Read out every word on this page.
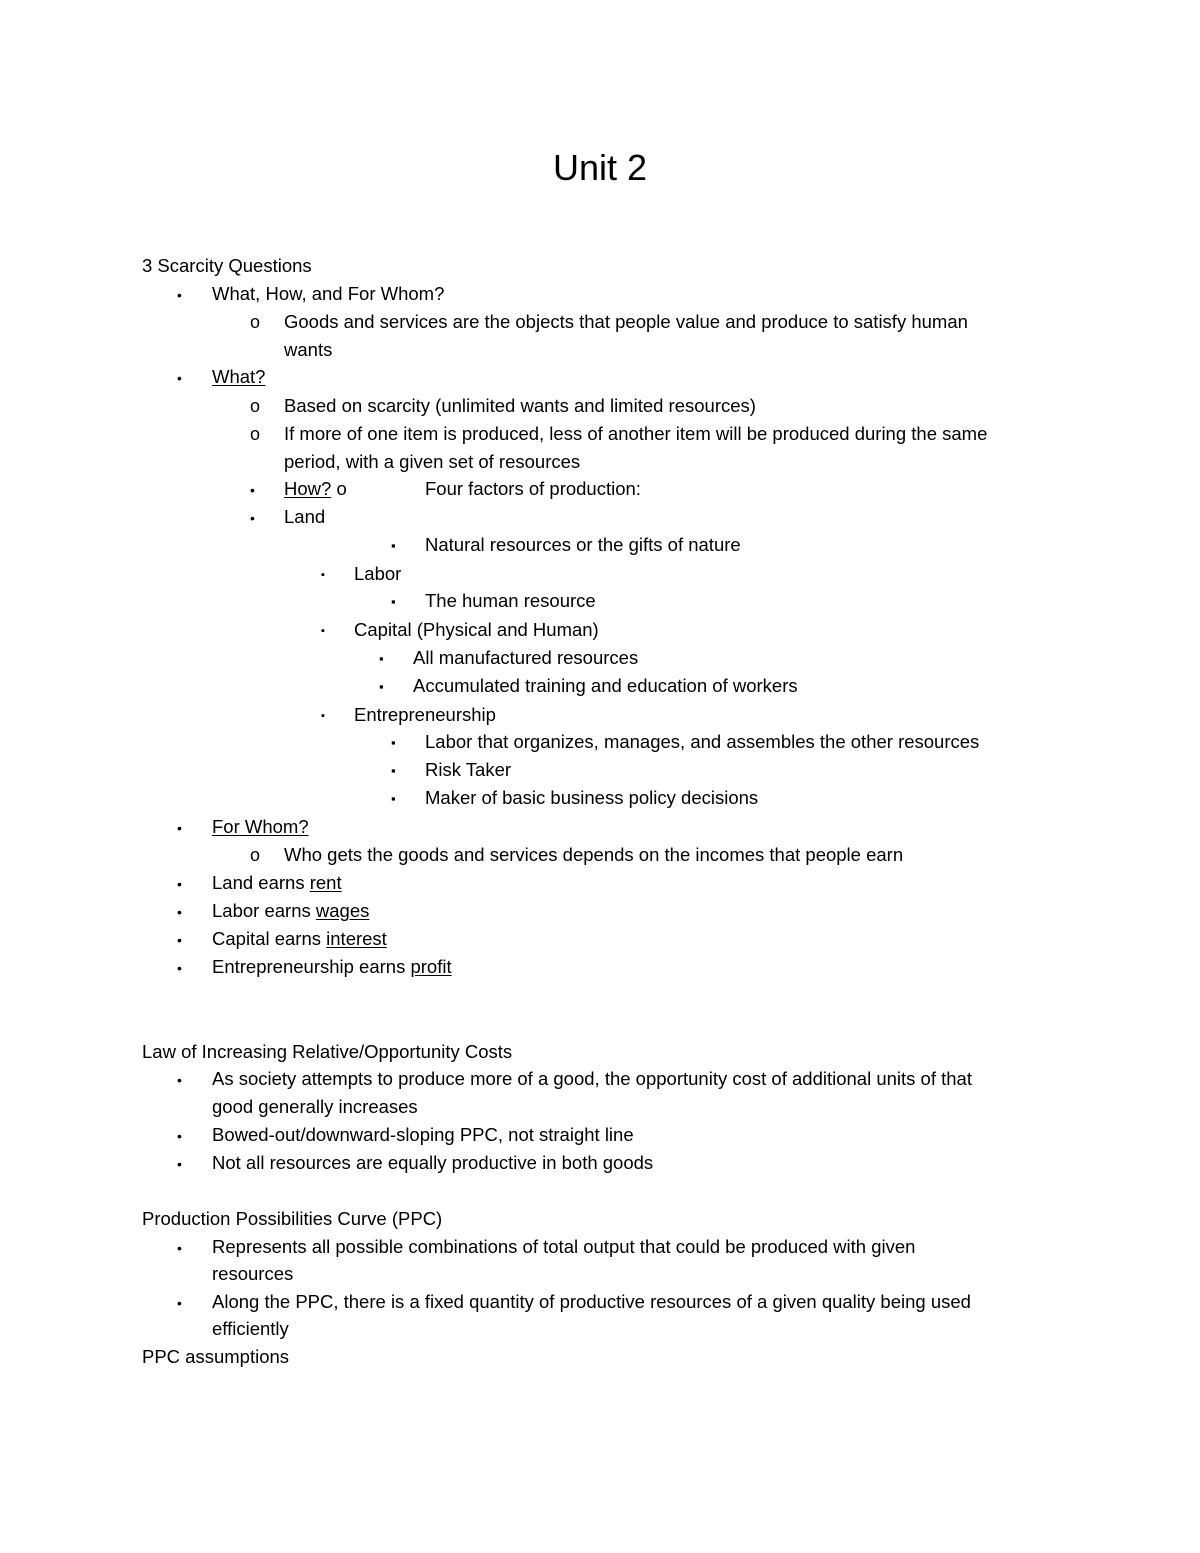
Unit 2
3 Scarcity Questions
• What, How, and For Whom?
o Goods and services are the objects that people value and produce to satisfy human
wants
• What?
o Based on scarcity (unlimited wants and limited resources)
o If more of one item is produced, less of another item will be produced during the same
period, with a given set of resources
• How? o	Four factors of production:
• Land
▪ Natural resources or the gifts of nature
▪ Labor
▪ The human resource
▪ Capital (Physical and Human)
▪ All manufactured resources
▪ Accumulated training and education of workers
▪ Entrepreneurship
▪ Labor that organizes, manages, and assembles the other resources
▪ Risk Taker
▪ Maker of basic business policy decisions
• For Whom?
o Who gets the goods and services depends on the incomes that people earn
• Land earns rent
• Labor earns wages
• Capital earns interest
• Entrepreneurship earns profit
Law of Increasing Relative/Opportunity Costs
• As society attempts to produce more of a good, the opportunity cost of additional units of that
good generally increases
• Bowed-out/downward-sloping PPC, not straight line
• Not all resources are equally productive in both goods
Production Possibilities Curve (PPC)
• Represents all possible combinations of total output that could be produced with given
resources
• Along the PPC, there is a fixed quantity of productive resources of a given quality being used
efficiently
PPC assumptions
